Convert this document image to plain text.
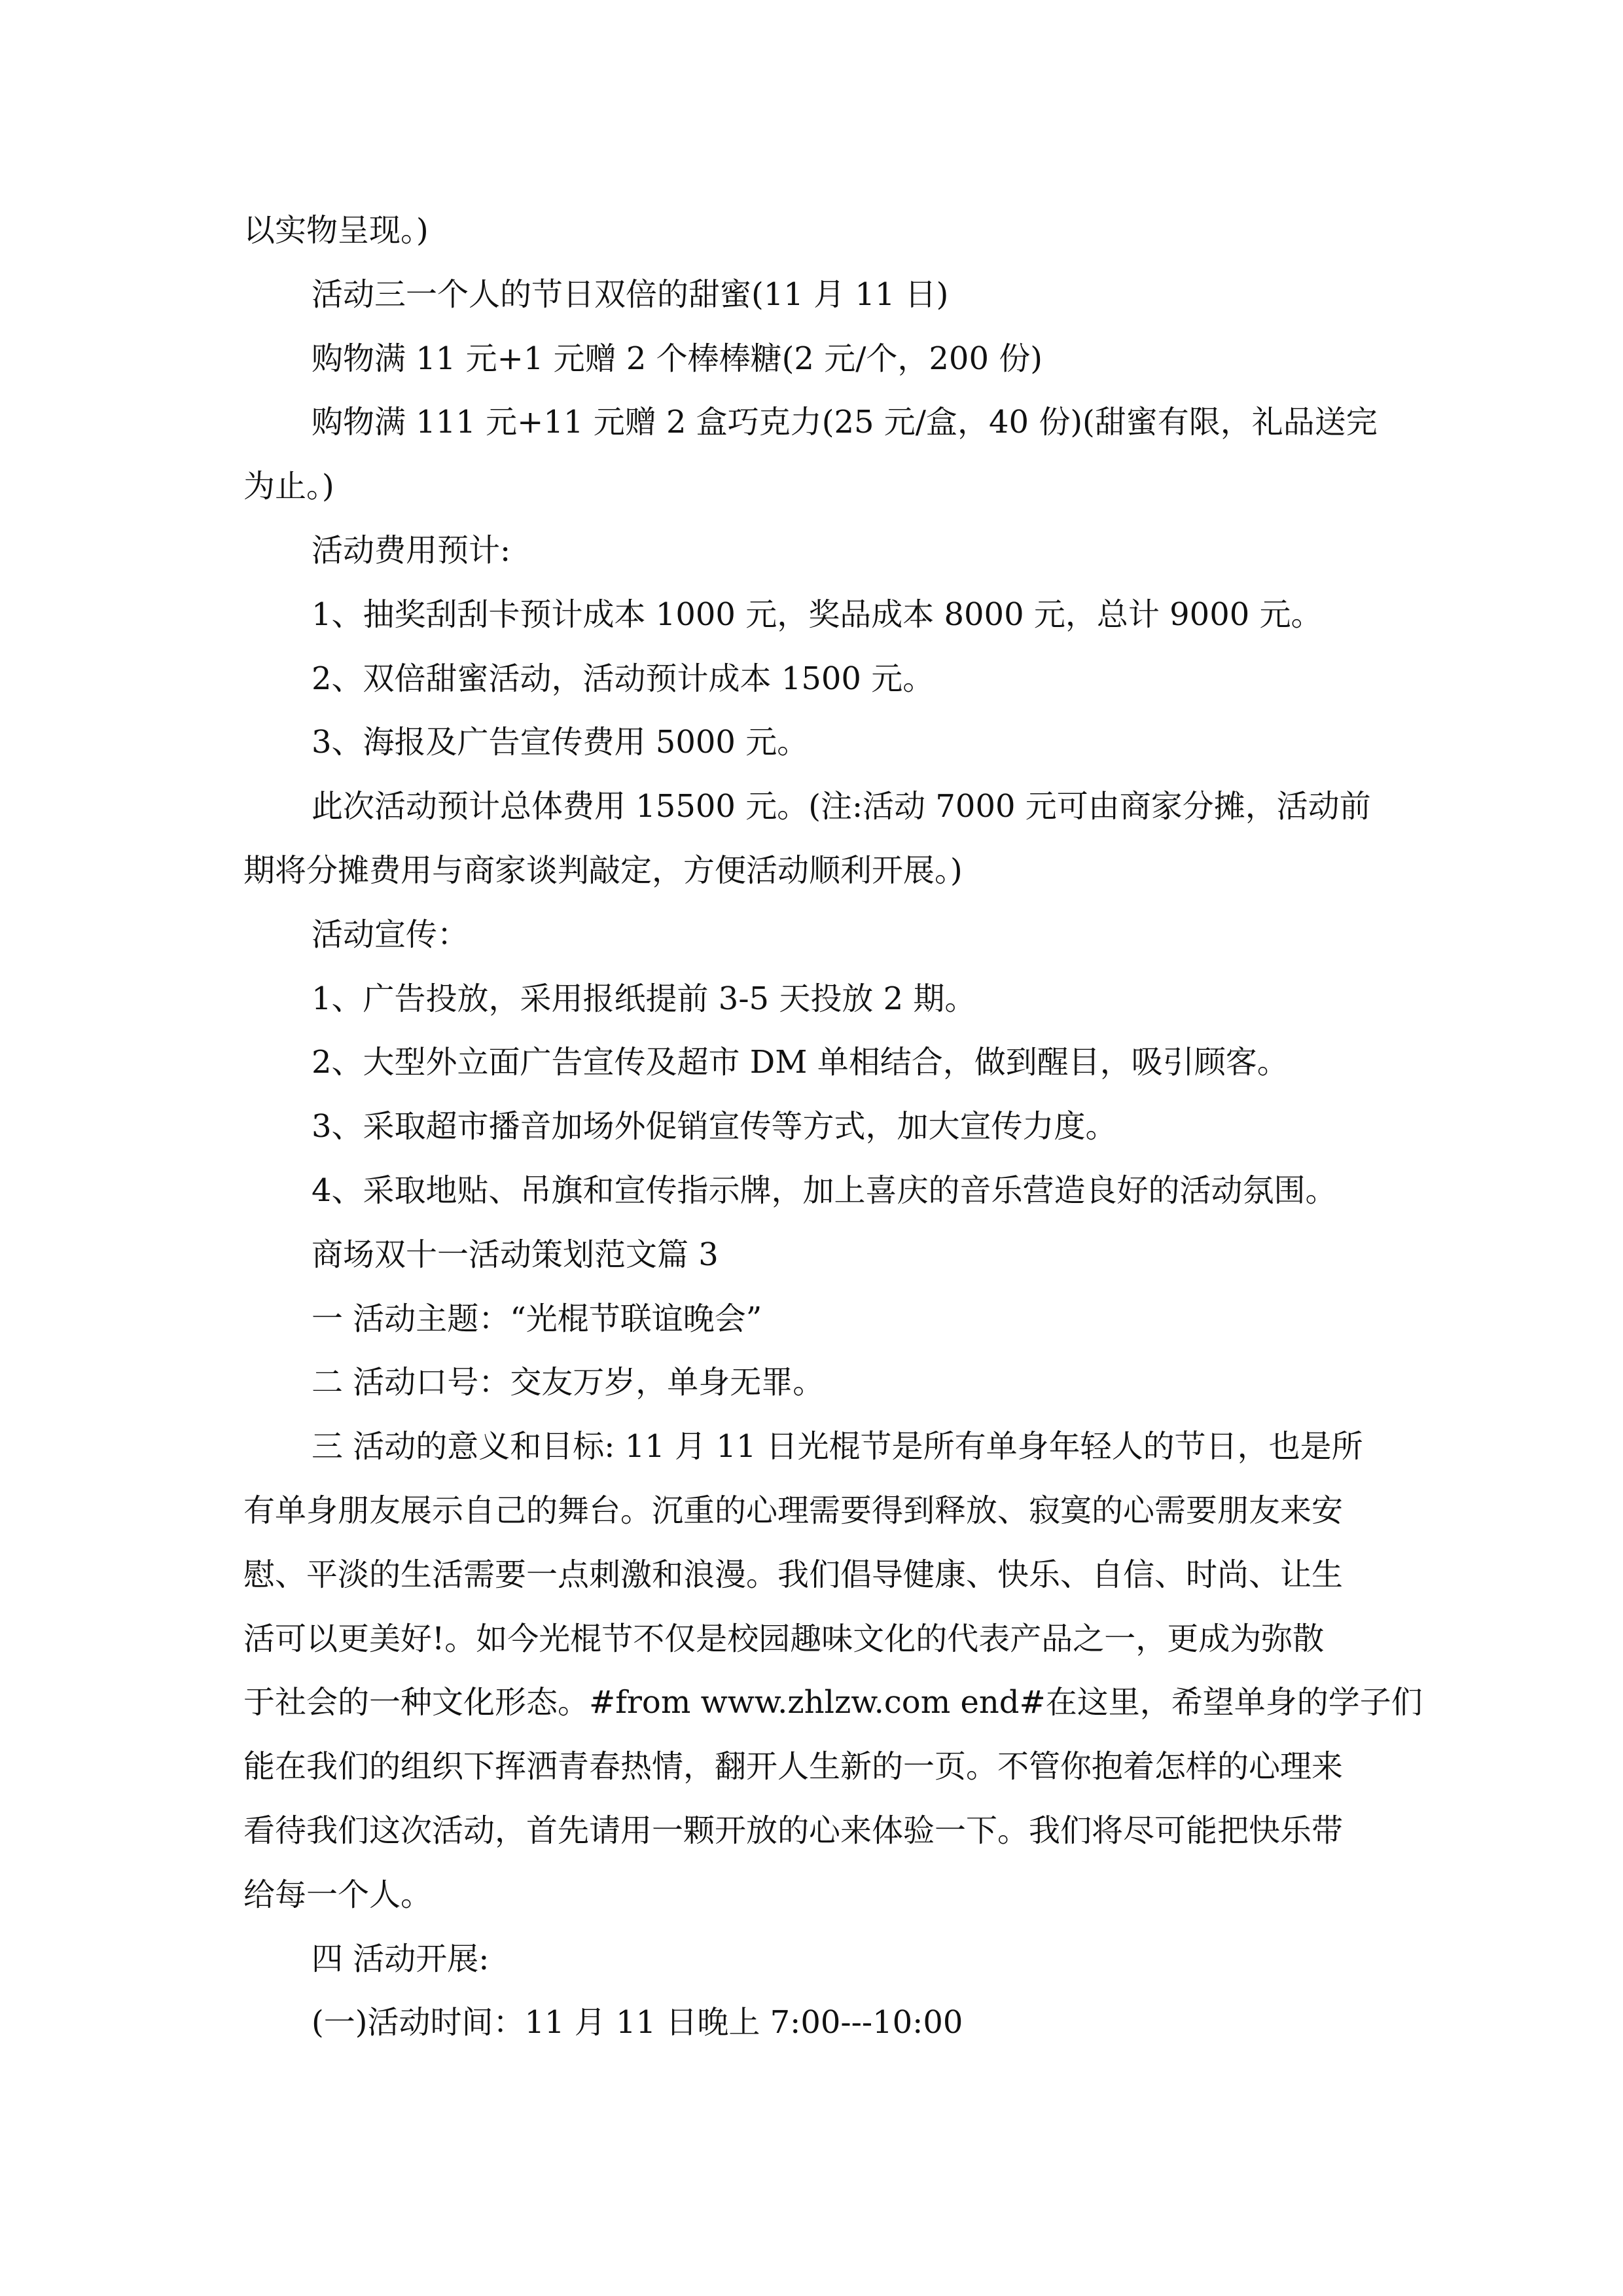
以实物呈现。)

活动三一个人的节日双倍的甜蜜(11 月 11 日)

购物满 11 元+1 元赠 2 个棒棒糖(2 元/个，200 份)

购物满 111 元+11 元赠 2 盒巧克力(25 元/盒，40 份)(甜蜜有限，礼品送完

为止。)

活动费用预计:

1、抽奖刮刮卡预计成本 1000 元，奖品成本 8000 元，总计 9000 元。

2、双倍甜蜜活动，活动预计成本 1500 元。

3、海报及广告宣传费用 5000 元。

此次活动预计总体费用 15500 元。(注:活动 7000 元可由商家分摊，活动前

期将分摊费用与商家谈判敲定，方便活动顺利开展。)

活动宣传：

1、广告投放，采用报纸提前 3-5 天投放 2 期。

2、大型外立面广告宣传及超市 DM 单相结合，做到醒目，吸引顾客。

3、采取超市播音加场外促销宣传等方式，加大宣传力度。

4、采取地贴、吊旗和宣传指示牌，加上喜庆的音乐营造良好的活动氛围。

商场双十一活动策划范文篇 3

一 活动主题：“光棍节联谊晚会”

二 活动口号：交友万岁，单身无罪。

三 活动的意义和目标: 11 月 11 日光棍节是所有单身年轻人的节日，也是所

有单身朋友展示自己的舞台。沉重的心理需要得到释放、寂寞的心需要朋友来安

慰、平淡的生活需要一点刺激和浪漫。我们倡导健康、快乐、自信、时尚、让生

活可以更美好!。如今光棍节不仅是校园趣味文化的代表产品之一，更成为弥散

于社会的一种文化形态。#from www.zhlzw.com end#在这里，希望单身的学子们

能在我们的组织下挥洒青春热情，翻开人生新的一页。不管你抱着怎样的心理来

看待我们这次活动，首先请用一颗开放的心来体验一下。我们将尽可能把快乐带

给每一个人。

四 活动开展:

(一)活动时间：11 月 11 日晚上 7:00---10:00
